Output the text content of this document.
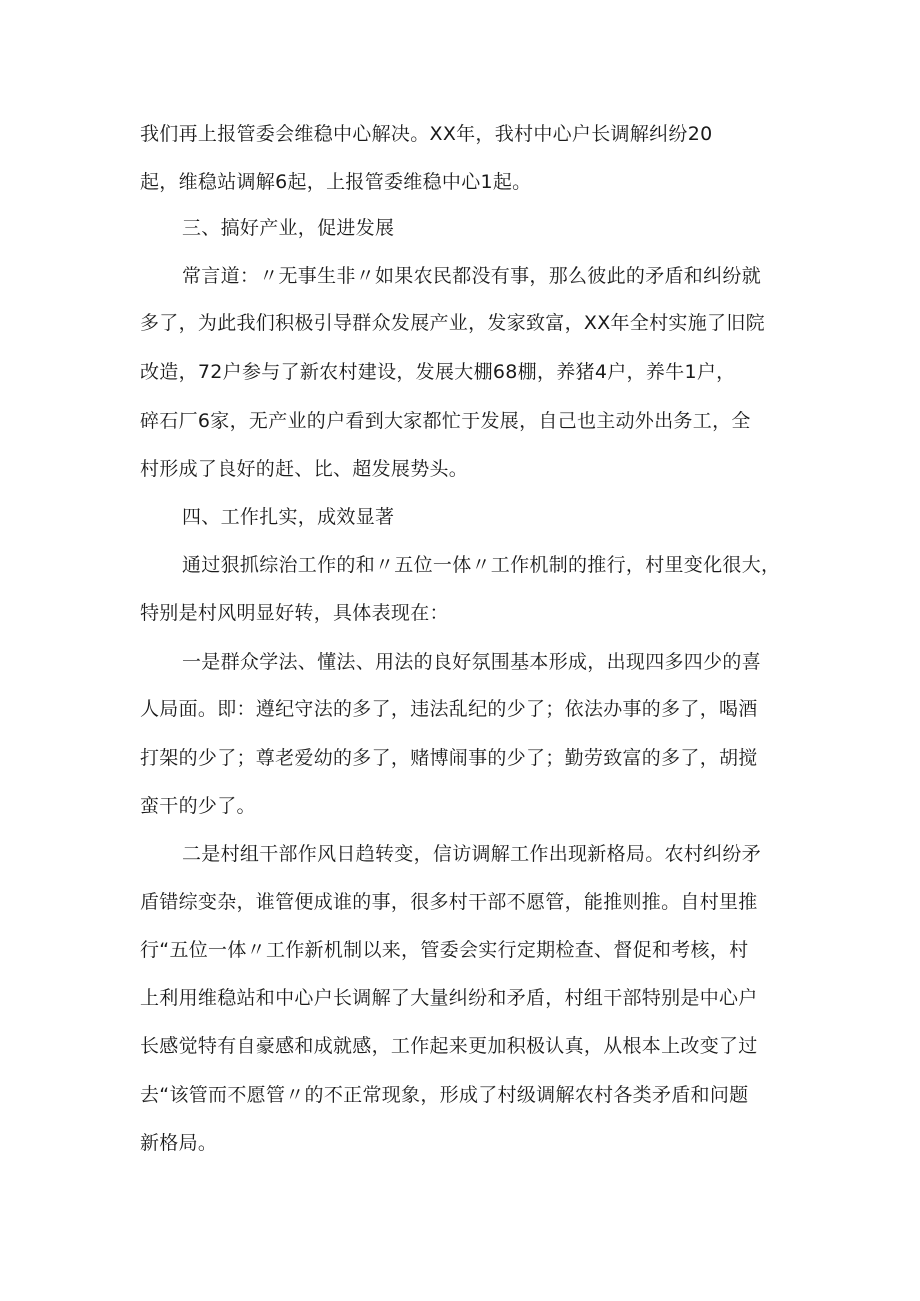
我们再上报管委会维稳中心解决。XX年，我村中心户长调解纠纷20
起，维稳站调解6起，上报管委维稳中心1起。
三、搞好产业，促进发展
常言道：〃无事生非〃如果农民都没有事，那么彼此的矛盾和纠纷就
多了，为此我们积极引导群众发展产业，发家致富，XX年全村实施了旧院
改造，72户参与了新农村建设，发展大棚68棚，养猪4户，养牛1户，
碎石厂6家，无产业的户看到大家都忙于发展，自己也主动外出务工，全
村形成了良好的赶、比、超发展势头。
四、工作扎实，成效显著
通过狠抓综治工作的和〃五位一体〃工作机制的推行，村里变化很大，
特别是村风明显好转，具体表现在：
一是群众学法、懂法、用法的良好氛围基本形成，出现四多四少的喜
人局面。即：遵纪守法的多了，违法乱纪的少了；依法办事的多了，喝酒
打架的少了；尊老爱幼的多了，赌博闹事的少了；勤劳致富的多了，胡搅
蛮干的少了。
二是村组干部作风日趋转变，信访调解工作出现新格局。农村纠纷矛
盾错综变杂，谁管便成谁的事，很多村干部不愿管，能推则推。自村里推
行“五位一体〃工作新机制以来，管委会实行定期检查、督促和考核，村
上利用维稳站和中心户长调解了大量纠纷和矛盾，村组干部特别是中心户
长感觉特有自豪感和成就感，工作起来更加积极认真，从根本上改变了过
去“该管而不愿管〃的不正常现象，形成了村级调解农村各类矛盾和问题
新格局。
